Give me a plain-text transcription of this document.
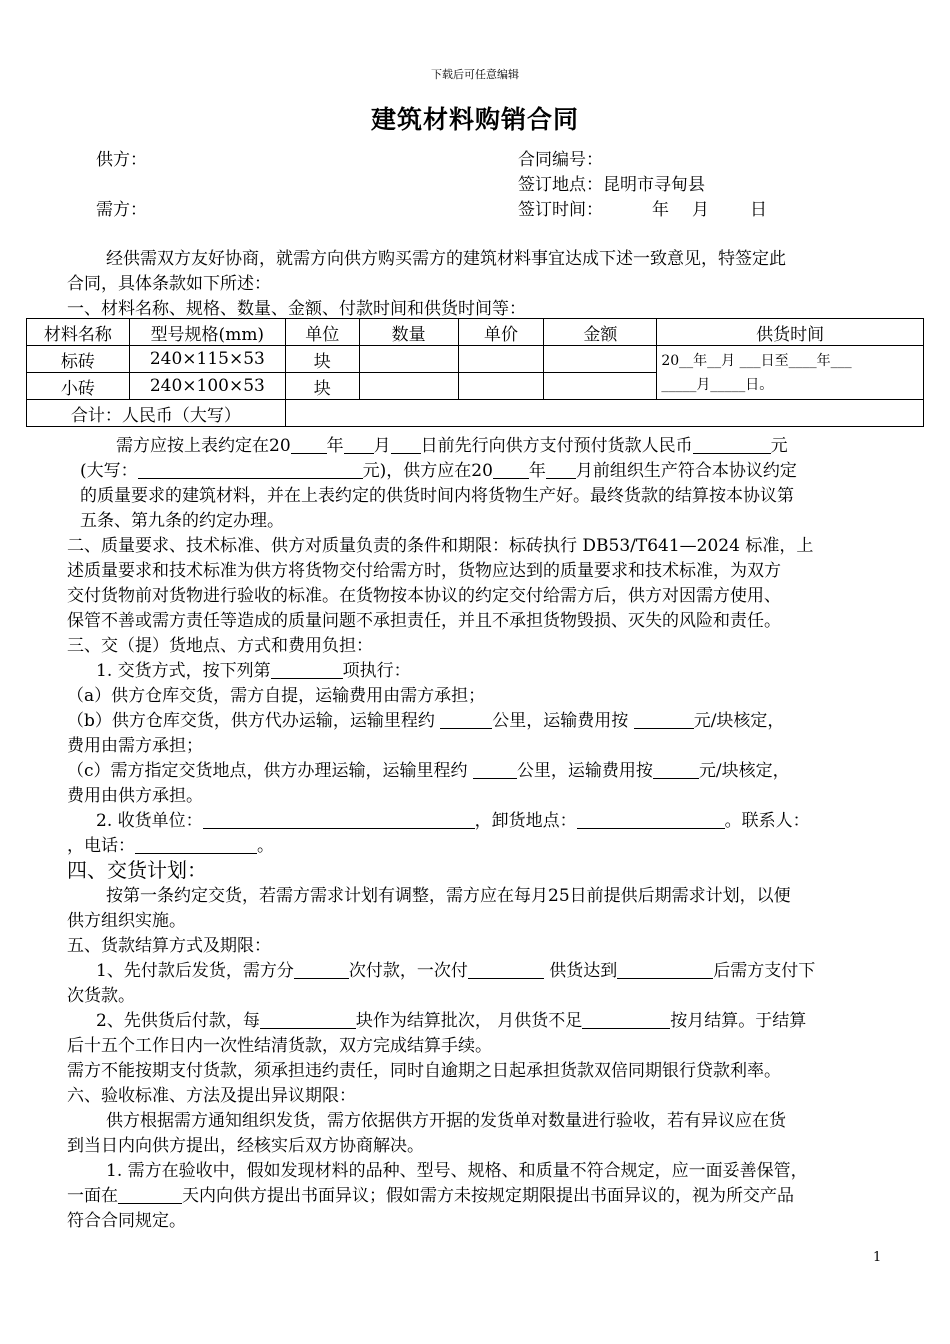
下载后可任意编辑
建筑材料购销合同
供方：
需方：
合同编号：
签订地点：昆明市寻甸县
签订时间：	年 月 日
经供需双方友好协商，就需方向供方购买需方的建筑材料事宜达成下述一致意见，特签定此
合同，具体条款如下所述：
一、材料名称、规格、数量、金额、付款时间和供货时间等：
材料名称	型号规格(mm)	单位	数量	单价	金额	供货时间
标砖	240×115×53	块				20__年__月 ___日至____年___
_____月_____日。

小砖	240×100×53	块				
合计：人民币（大写）						
需方应按上表约定在20 年 月 日前先行向供方支付预付货款人民币	元
(大写：	元)，供方应在20 年 月前组织生产符合本协议约定
的质量要求的建筑材料，并在上表约定的供货时间内将货物生产好。最终货款的结算按本协议第
五条、第九条的约定办理。
二、质量要求、技术标准、供方对质量负责的条件和期限：标砖执行 DB53/T641—2024 标准，上
述质量要求和技术标准为供方将货物交付给需方时，货物应达到的质量要求和技术标准，为双方
交付货物前对货物进行验收的标准。在货物按本协议的约定交付给需方后，供方对因需方使用、
保管不善或需方责任等造成的质量问题不承担责任，并且不承担货物毁损、灭失的风险和责任。
三、交（提）货地点、方式和费用负担：
1. 交货方式，按下列第	项执行：
（a）供方仓库交货，需方自提，运输费用由需方承担；
（b）供方仓库交货，供方代办运输，运输里程约	公里，运输费用按	元/块核定，
费用由需方承担；
（c）需方指定交货地点，供方办理运输，运输里程约	公里，运输费用按	元/块核定，
费用由供方承担。
2. 收货单位：	，卸货地点：	。联系人：
，电话：	。
四、交货计划：
按第一条约定交货，若需方需求计划有调整，需方应在每月25日前提供后期需求计划，以便
供方组织实施。
五、货款结算方式及期限：
1、先付款后发货，需方分	次付款，一次付	供货达到	后需方支付下
次货款。
2、先供货后付款，每	块作为结算批次， 月供货不足	按月结算。于结算
后十五个工作日内一次性结清货款，双方完成结算手续。
需方不能按期支付货款，须承担违约责任，同时自逾期之日起承担货款双倍同期银行贷款利率。
六、验收标准、方法及提出异议期限：
供方根据需方通知组织发货，需方依据供方开据的发货单对数量进行验收，若有异议应在货
到当日内向供方提出，经核实后双方协商解决。
1. 需方在验收中，假如发现材料的品种、型号、规格、和质量不符合规定，应一面妥善保管，
一面在	天内向供方提出书面异议；假如需方未按规定期限提出书面异议的，视为所交产品
符合合同规定。
1
